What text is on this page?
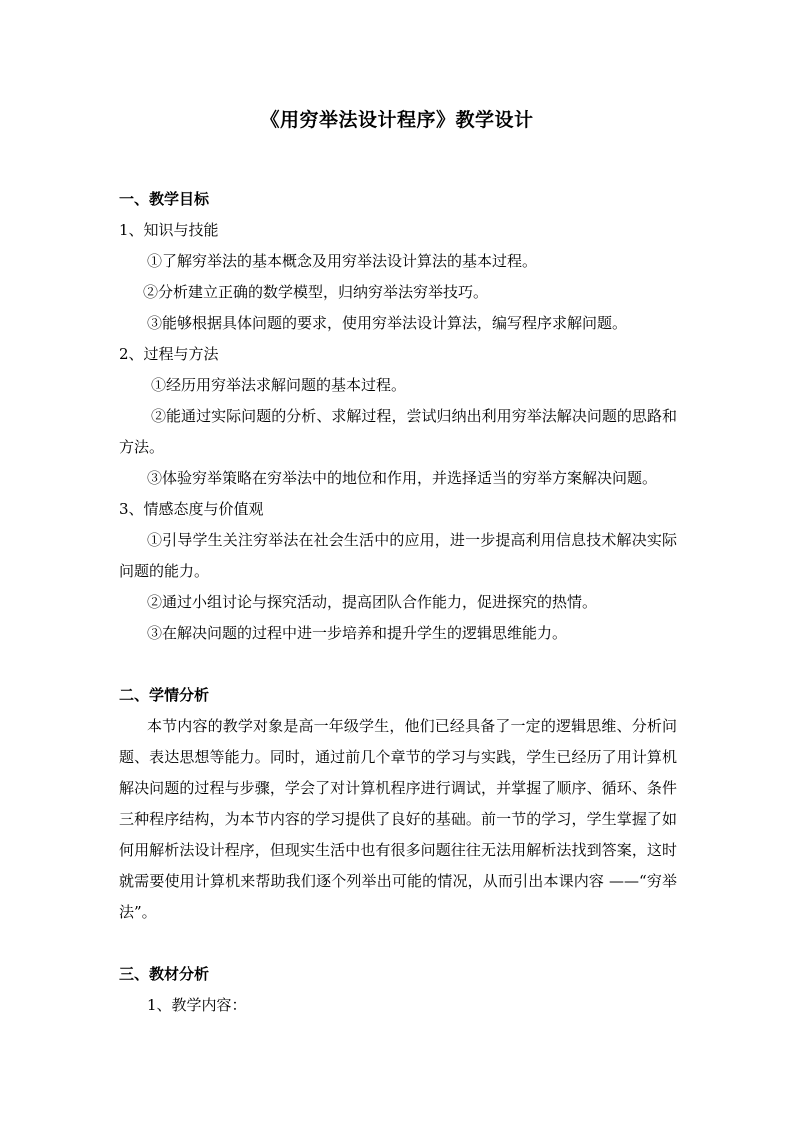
《用穷举法设计程序》教学设计

一、教学目标

1、知识与技能

①了解穷举法的基本概念及用穷举法设计算法的基本过程。

②分析建立正确的数学模型，归纳穷举法穷举技巧。

③能够根据具体问题的要求，使用穷举法设计算法，编写程序求解问题。

2、过程与方法

①经历用穷举法求解问题的基本过程。

②能通过实际问题的分析、求解过程，尝试归纳出利用穷举法解决问题的思路和方法。

③体验穷举策略在穷举法中的地位和作用，并选择适当的穷举方案解决问题。

3、情感态度与价值观

①引导学生关注穷举法在社会生活中的应用，进一步提高利用信息技术解决实际问题的能力。

②通过小组讨论与探究活动，提高团队合作能力，促进探究的热情。

③在解决问题的过程中进一步培养和提升学生的逻辑思维能力。

二、学情分析

本节内容的教学对象是高一年级学生，他们已经具备了一定的逻辑思维、分析问题、表达思想等能力。同时，通过前几个章节的学习与实践，学生已经历了用计算机解决问题的过程与步骤，学会了对计算机程序进行调试，并掌握了顺序、循环、条件三种程序结构，为本节内容的学习提供了良好的基础。前一节的学习，学生掌握了如何用解析法设计程序，但现实生活中也有很多问题往往无法用解析法找到答案，这时就需要使用计算机来帮助我们逐个列举出可能的情况，从而引出本课内容 ——“穷举法”。

三、教材分析

1、教学内容：
